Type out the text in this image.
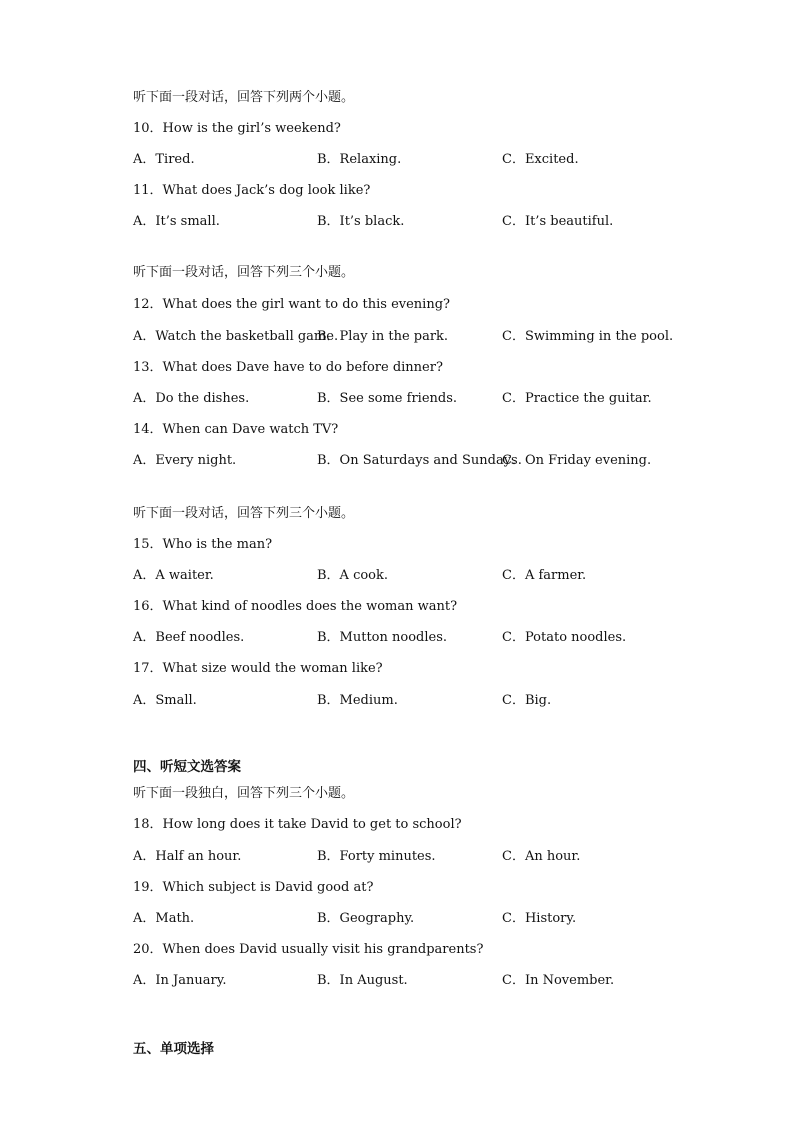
听下面一段对话，回答下列两个小题。
10．How is the girl’s weekend?
A．Tired.	B．Relaxing.	C．Excited.
11．What does Jack’s dog look like?
A．It’s small.	B．It’s black.	C．It’s beautiful.
听下面一段对话，回答下列三个小题。
12．What does the girl want to do this evening?
A．Watch the basketball game.
B．Play in the park.	C．Swimming in the pool.
13．What does Dave have to do before dinner?
A．Do the dishes.	B．See some friends.	C．Practice the guitar.
14．When can Dave watch TV?
A．Every night.	B．On Saturdays and Sundays.
C．On Friday evening.
听下面一段对话，回答下列三个小题。
15．Who is the man?
A．A waiter.	B．A cook.	C．A farmer.
16．What kind of noodles does the woman want?
A．Beef noodles.	B．Mutton noodles.	C．Potato noodles.
17．What size would the woman like?
A．Small.	B．Medium.	C．Big.
四、听短文选答案
听下面一段独白，回答下列三个小题。
18．How long does it take David to get to school?
A．Half an hour.	B．Forty minutes.	C．An hour.
19．Which subject is David good at?
A．Math.	B．Geography.	C．History.
20．When does David usually visit his grandparents?
A．In January.	B．In August.	C．In November.
五、单项选择
